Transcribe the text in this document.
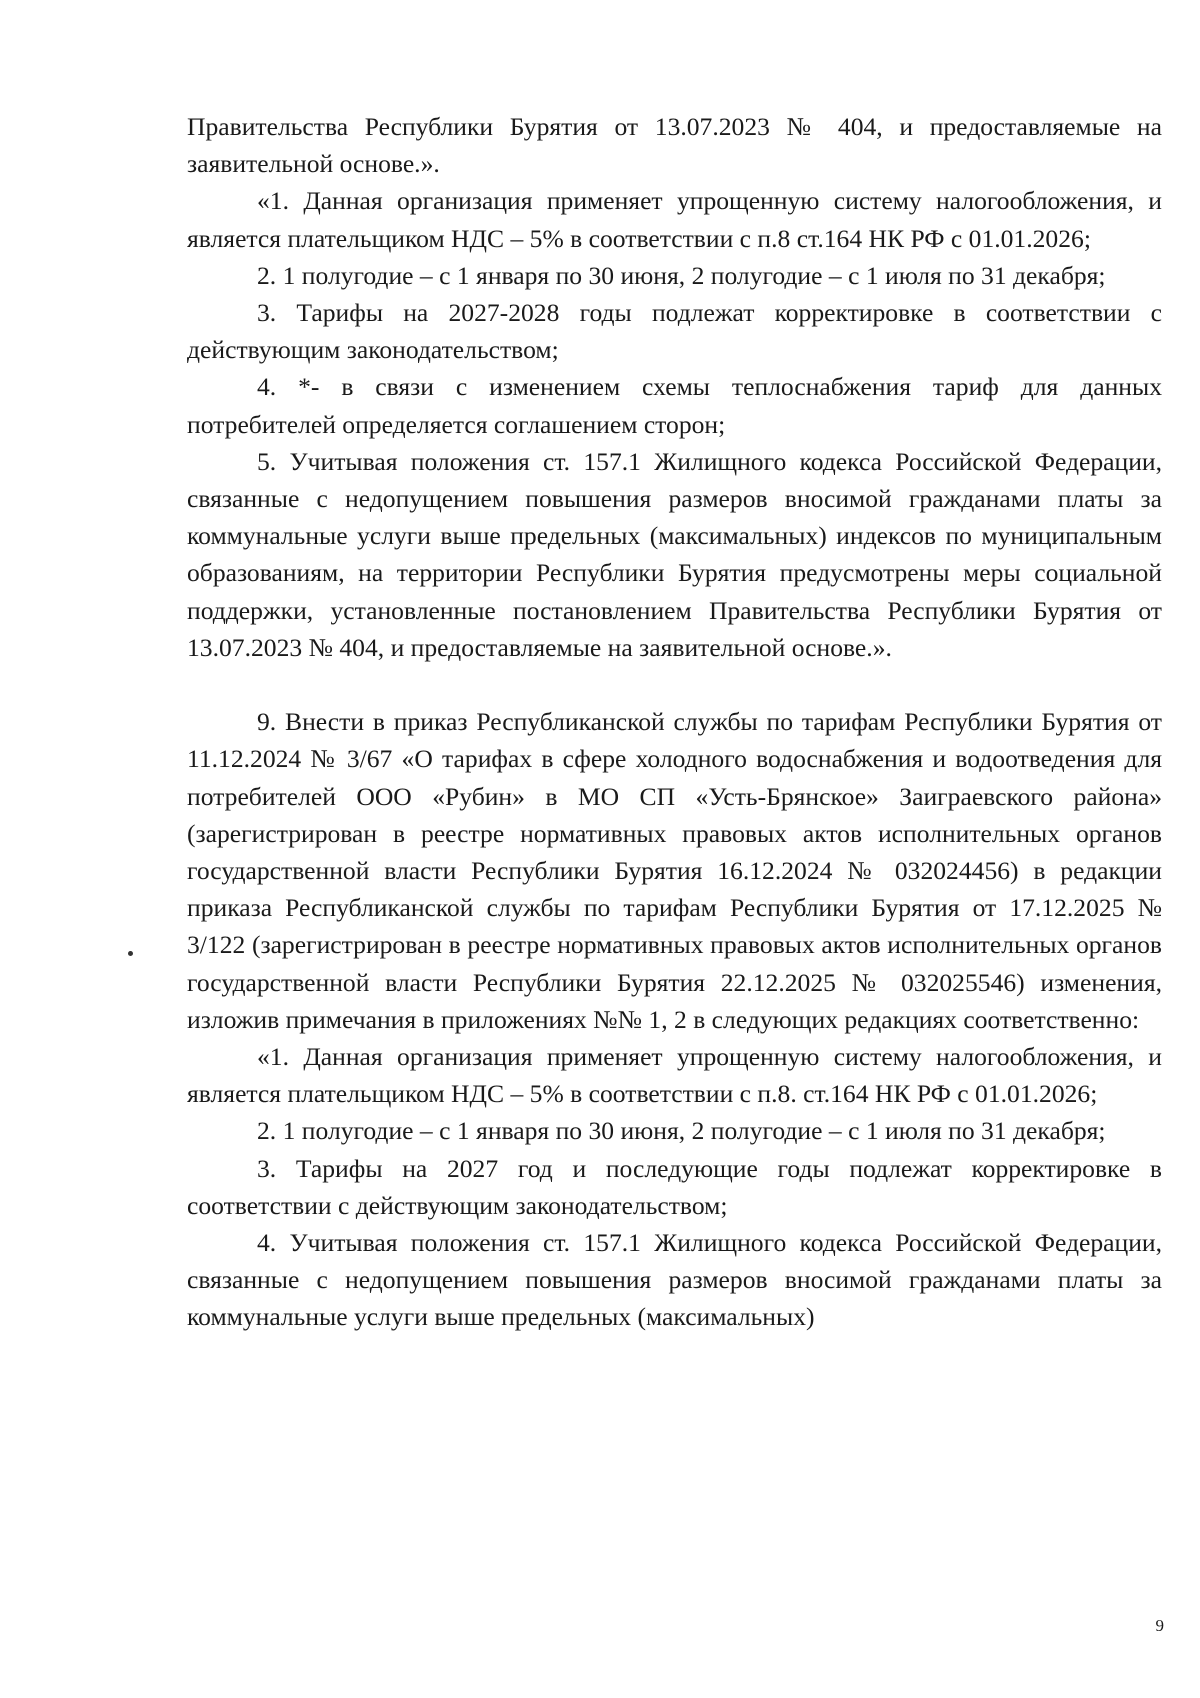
Правительства Республики Бурятия от 13.07.2023 № 404, и предоставляемые на заявительной основе.».

«1. Данная организация применяет упрощенную систему налогообложения, и является плательщиком НДС – 5% в соответствии с п.8 ст.164 НК РФ с 01.01.2026;

2. 1 полугодие – с 1 января по 30 июня, 2 полугодие – с 1 июля по 31 декабря;

3. Тарифы на 2027-2028 годы подлежат корректировке в соответствии с действующим законодательством;

4. *- в связи с изменением схемы теплоснабжения тариф для данных потребителей определяется соглашением сторон;

5. Учитывая положения ст. 157.1 Жилищного кодекса Российской Федерации, связанные с недопущением повышения размеров вносимой гражданами платы за коммунальные услуги выше предельных (максимальных) индексов по муниципальным образованиям, на территории Республики Бурятия предусмотрены меры социальной поддержки, установленные постановлением Правительства Республики Бурятия от 13.07.2023 № 404, и предоставляемые на заявительной основе.».

9. Внести в приказ Республиканской службы по тарифам Республики Бурятия от 11.12.2024 № 3/67 «О тарифах в сфере холодного водоснабжения и водоотведения для потребителей ООО «Рубин» в МО СП «Усть-Брянское» Заиграевского района» (зарегистрирован в реестре нормативных правовых актов исполнительных органов государственной власти Республики Бурятия 16.12.2024 № 032024456) в редакции приказа Республиканской службы по тарифам Республики Бурятия от 17.12.2025 № 3/122 (зарегистрирован в реестре нормативных правовых актов исполнительных органов государственной власти Республики Бурятия 22.12.2025 № 032025546) изменения, изложив примечания в приложениях №№ 1, 2 в следующих редакциях соответственно:

«1. Данная организация применяет упрощенную систему налогообложения, и является плательщиком НДС – 5% в соответствии с п.8. ст.164 НК РФ с 01.01.2026;

2. 1 полугодие – с 1 января по 30 июня, 2 полугодие – с 1 июля по 31 декабря;

3. Тарифы на 2027 год и последующие годы подлежат корректировке в соответствии с действующим законодательством;

4. Учитывая положения ст. 157.1 Жилищного кодекса Российской Федерации, связанные с недопущением повышения размеров вносимой гражданами платы за коммунальные услуги выше предельных (максимальных)

9
